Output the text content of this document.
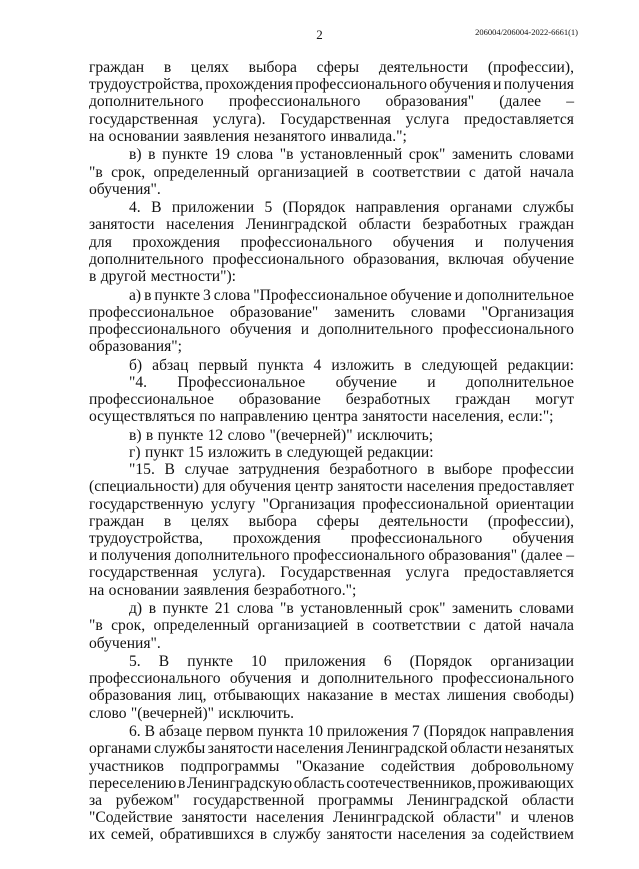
2	206004/206004-2022-6661(1)
граждан в целях выбора сферы деятельности (профессии),
трудоустройства, прохождения профессионального обучения и получения
дополнительного профессионального образования" (далее –
государственная услуга). Государственная услуга предоставляется
на основании заявления незанятого инвалида.";
в) в пункте 19 слова "в установленный срок" заменить словами
"в срок, определенный организацией в соответствии с датой начала
обучения".
4. В приложении 5 (Порядок направления органами службы
занятости населения Ленинградской области безработных граждан
для прохождения профессионального обучения и получения
дополнительного профессионального образования, включая обучение
в другой местности"):
а) в пункте 3 слова "Профессиональное обучение и дополнительное
профессиональное образование" заменить словами "Организация
профессионального обучения и дополнительного профессионального
образования";
б) абзац первый пункта 4 изложить в следующей редакции:
"4. Профессиональное обучение и дополнительное
профессиональное образование безработных граждан могут
осуществляться по направлению центра занятости населения, если:";
в) в пункте 12 слово "(вечерней)" исключить;
г) пункт 15 изложить в следующей редакции:
"15. В случае затруднения безработного в выборе профессии
(специальности) для обучения центр занятости населения предоставляет
государственную услугу "Организация профессиональной ориентации
граждан в целях выбора сферы деятельности (профессии),
трудоустройства, прохождения профессионального обучения
и получения дополнительного профессионального образования" (далее –
государственная услуга). Государственная услуга предоставляется
на основании заявления безработного.";
д) в пункте 21 слова "в установленный срок" заменить словами
"в срок, определенный организацией в соответствии с датой начала
обучения".
5. В пункте 10 приложения 6 (Порядок организации
профессионального обучения и дополнительного профессионального
образования лиц, отбывающих наказание в местах лишения свободы)
слово "(вечерней)" исключить.
6. В абзаце первом пункта 10 приложения 7 (Порядок направления
органами службы занятости населения Ленинградской области незанятых
участников подпрограммы "Оказание содействия добровольному
переселению в Ленинградскую область соотечественников, проживающих
за рубежом" государственной программы Ленинградской области
"Содействие занятости населения Ленинградской области" и членов
их семей, обратившихся в службу занятости населения за содействием
